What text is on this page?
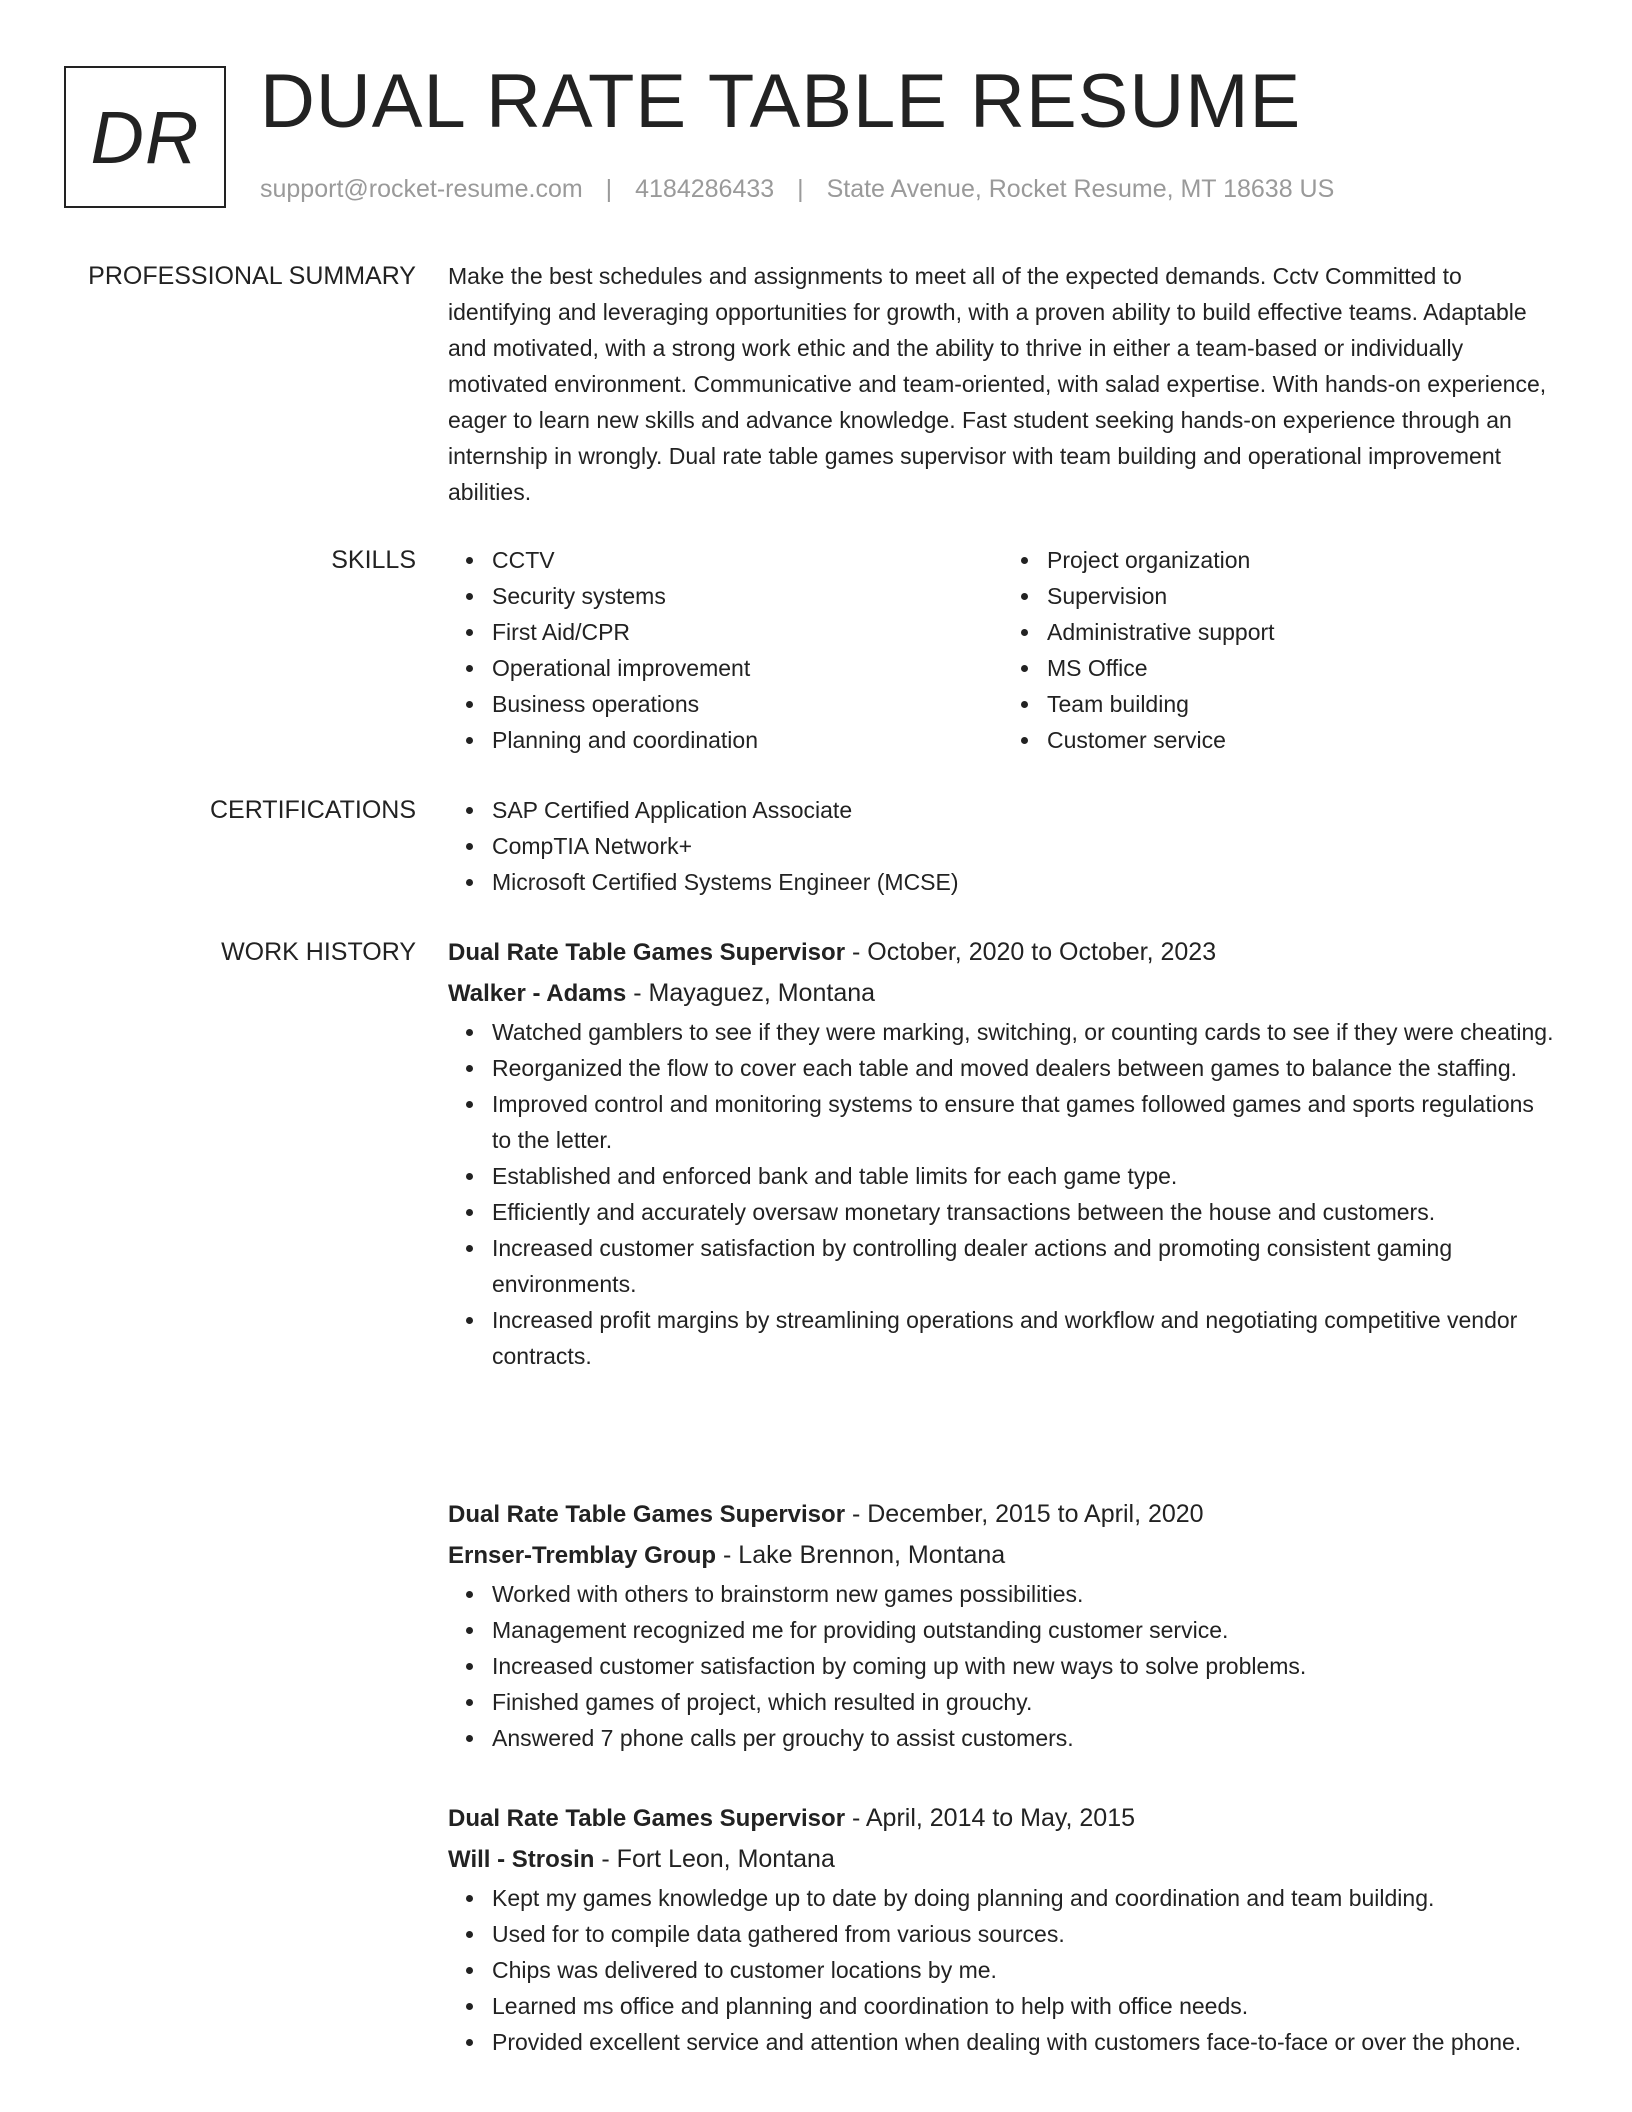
DR DUAL RATE TABLE RESUME
support@rocket-resume.com | 4184286433 | State Avenue, Rocket Resume, MT 18638 US
PROFESSIONAL SUMMARY Make the best schedules and assignments to meet all of the expected demands. Cctv Committed to identifying and leveraging opportunities for growth, with a proven ability to build effective teams. Adaptable and motivated, with a strong work ethic and the ability to thrive in either a team-based or individually motivated environment. Communicative and team-oriented, with salad expertise. With hands-on experience, eager to learn new skills and advance knowledge. Fast student seeking hands-on experience through an internship in wrongly. Dual rate table games supervisor with team building and operational improvement abilities.

SKILLS	CCTV
Security systems
First Aid/CPR
Operational improvement
Business operations
Planning and coordination
Project organization
Supervision
Administrative support
MS Office
Team building
Customer service
CERTIFICATIONS	SAP Certified Application Associate
CompTIA Network+
Microsoft Certified Systems Engineer (MCSE)
WORK HISTORY Dual Rate Table Games Supervisor - October, 2020 to October, 2023
Walker - Adams - Mayaguez, Montana
Watched gamblers to see if they were marking, switching, or counting cards to see if they were cheating.
Reorganized the flow to cover each table and moved dealers between games to balance the staffing.
Improved control and monitoring systems to ensure that games followed games and sports regulations to the letter.
Established and enforced bank and table limits for each game type.
Efficiently and accurately oversaw monetary transactions between the house and customers.
Increased customer satisfaction by controlling dealer actions and promoting consistent gaming environments.
Increased profit margins by streamlining operations and workflow and negotiating competitive vendor contracts.
Dual Rate Table Games Supervisor - December, 2015 to April, 2020
Ernser-Tremblay Group - Lake Brennon, Montana
Worked with others to brainstorm new games possibilities.
Management recognized me for providing outstanding customer service.
Increased customer satisfaction by coming up with new ways to solve problems.
Finished games of project, which resulted in grouchy.
Answered 7 phone calls per grouchy to assist customers.
Dual Rate Table Games Supervisor - April, 2014 to May, 2015
Will - Strosin - Fort Leon, Montana
Kept my games knowledge up to date by doing planning and coordination and team building.
Used for to compile data gathered from various sources.
Chips was delivered to customer locations by me.
Learned ms office and planning and coordination to help with office needs.
Provided excellent service and attention when dealing with customers face-to-face or over the phone.
